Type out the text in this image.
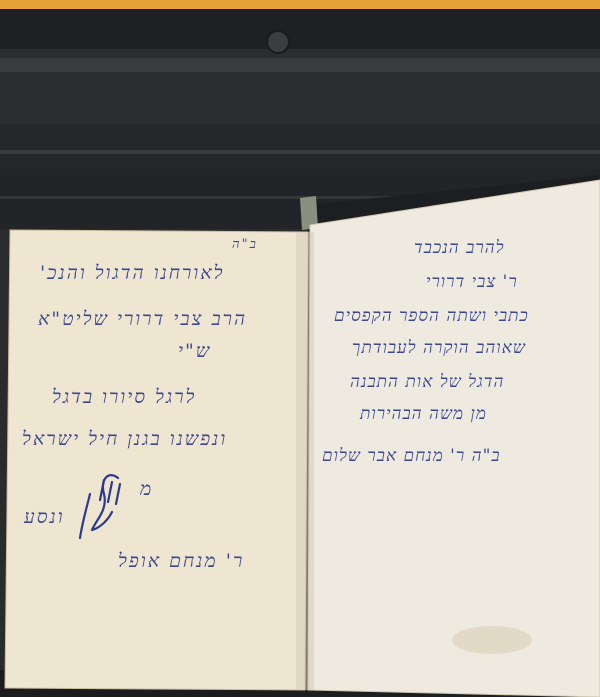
ב"ה
לאורחנו הדגול והנכ'
הרב צבי דרורי שליט"א
ש"י
לרגל סיורו בדגל
ונפשנו בגנן חיל ישראל
מ
ונסע
ר' מנחם אופל
להרב הנכבד
ר' צבי דרורי
כתבי ושתה הספר הקפסים
שאוהב הוקרה לעבודתך
הדגל של אות התבנה
מן משה הבהירות
ב"ה ר' מנחם אבר שלום
